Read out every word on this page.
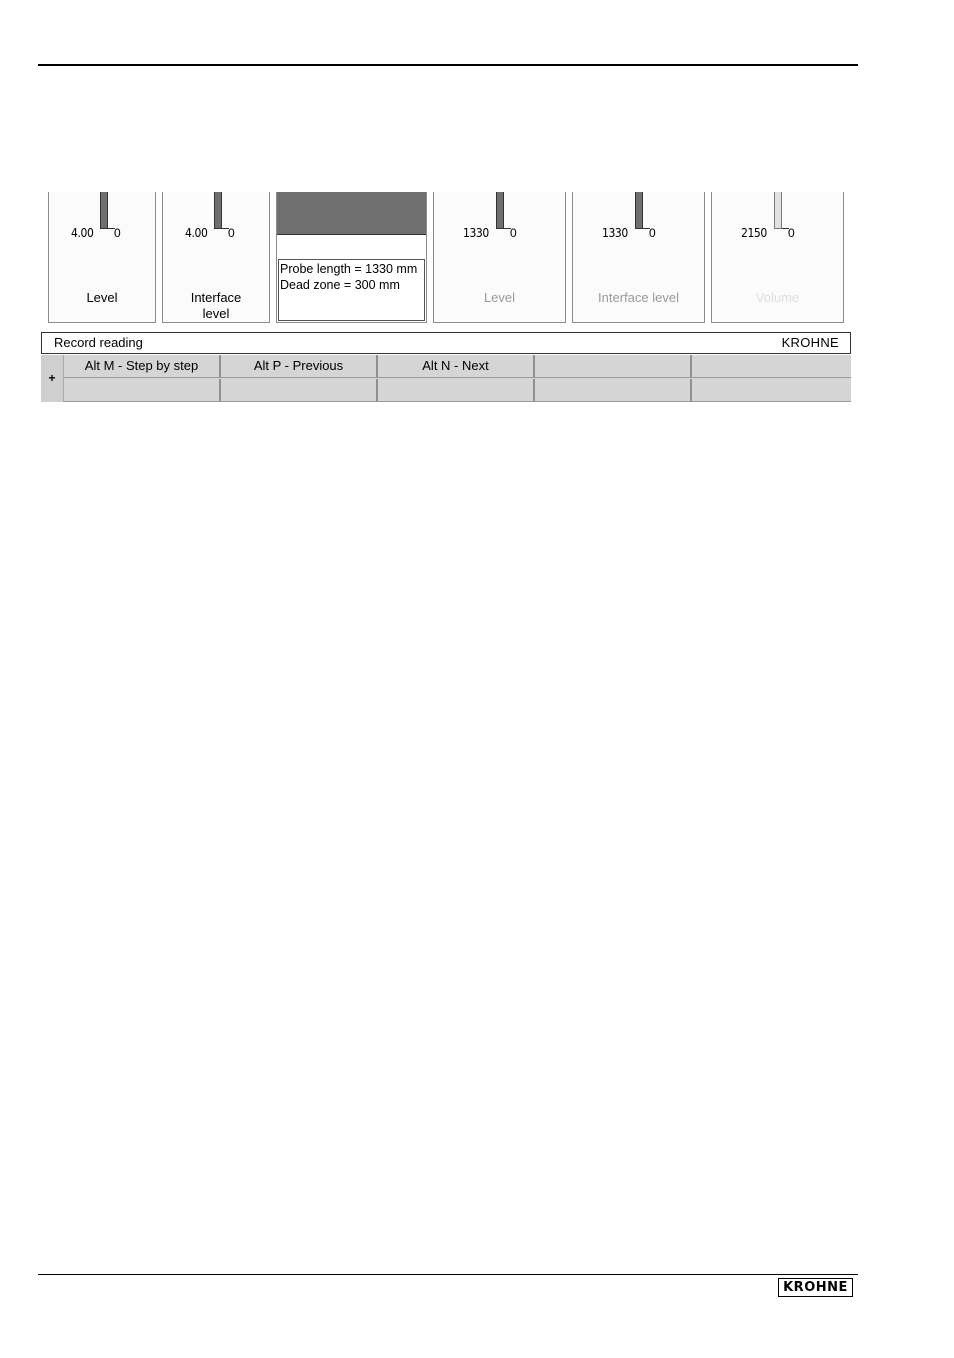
4.00 0
Level
4.00 0
Interface
level
Probe length = 1330 mm
Dead zone = 300 mm
1330 0
Level
1330 0
Interface level
2150 0
Volume
Record reading	KROHNE
+
Alt M - Step by step	Alt P - Previous	Alt N - Next
KROHNE
